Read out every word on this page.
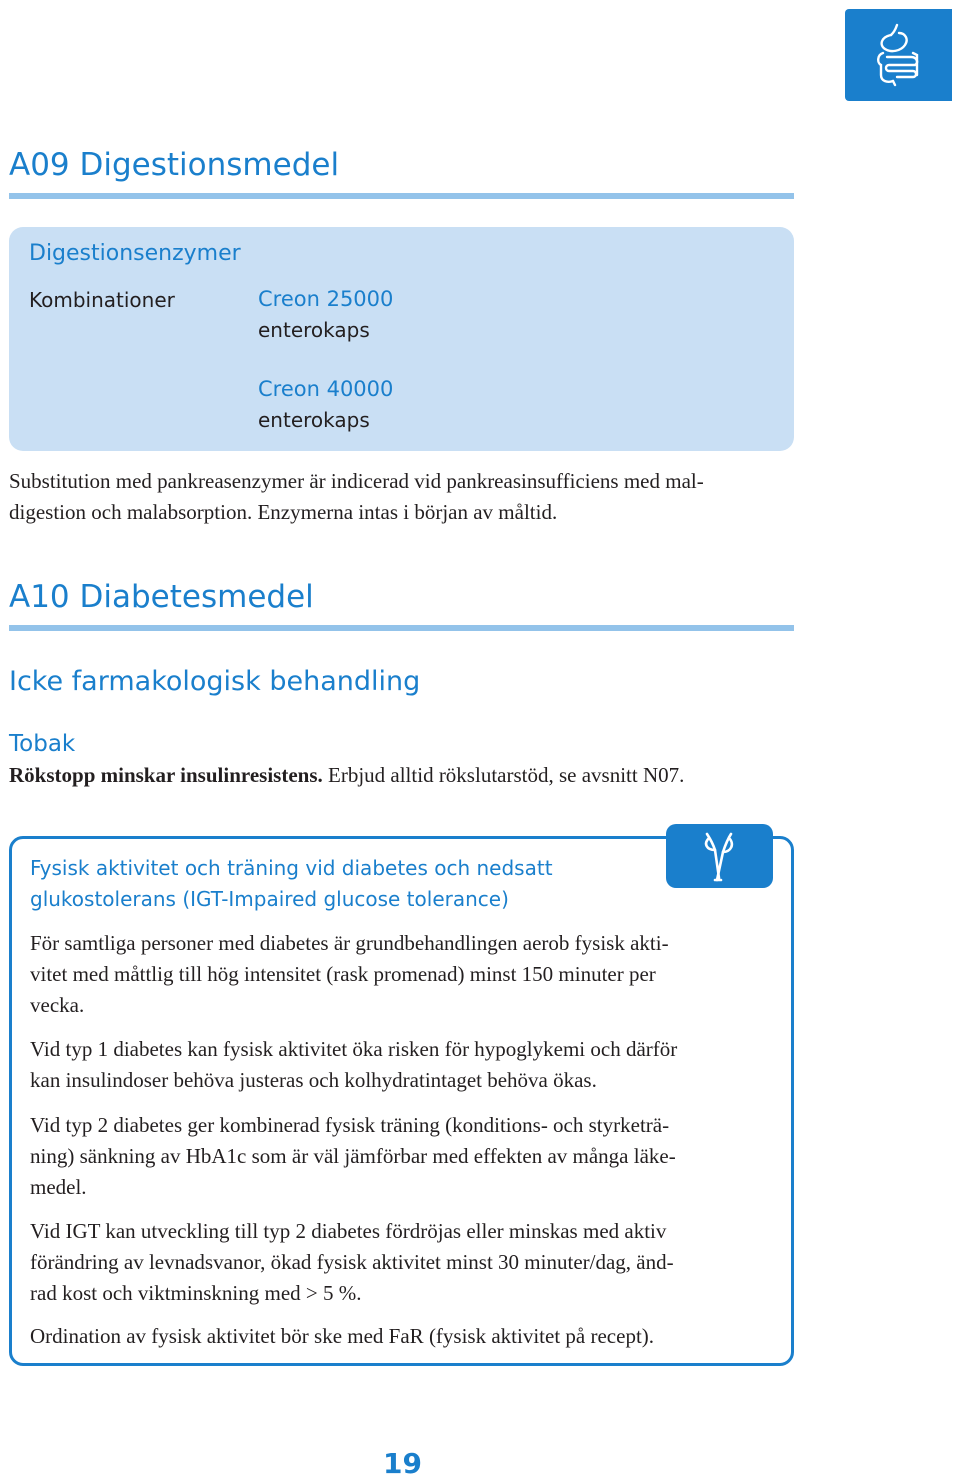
A09 Digestionsmedel
Digestionsenzymer
Kombinationer	Creon 25000
enterokaps
Creon 40000
enterokaps
Substitution med pankreasenzymer är indicerad vid pankreasinsufficiens med mal-
digestion och malabsorption. Enzymerna intas i början av måltid.
A10 Diabetesmedel
Icke farmakologisk behandling
Tobak
Rökstopp minskar insulinresistens. Erbjud alltid rökslutarstöd, se avsnitt N07.
Fysisk aktivitet och träning vid diabetes och nedsatt
glukostolerans (IGT-Impaired glucose tolerance)
För samtliga personer med diabetes är grundbehandlingen aerob fysisk akti-
vitet med måttlig till hög intensitet (rask promenad) minst 150 minuter per
vecka.
Vid typ 1 diabetes kan fysisk aktivitet öka risken för hypoglykemi och därför
kan insulindoser behöva justeras och kolhydratintaget behöva ökas.
Vid typ 2 diabetes ger kombinerad fysisk träning (konditions- och styrketrä-
ning) sänkning av HbA1c som är väl jämförbar med effekten av många läke-
medel.
Vid IGT kan utveckling till typ 2 diabetes fördröjas eller minskas med aktiv
förändring av levnadsvanor, ökad fysisk aktivitet minst 30 minuter/dag, änd-
rad kost och viktminskning med > 5 %.
Ordination av fysisk aktivitet bör ske med FaR (fysisk aktivitet på recept).
19
